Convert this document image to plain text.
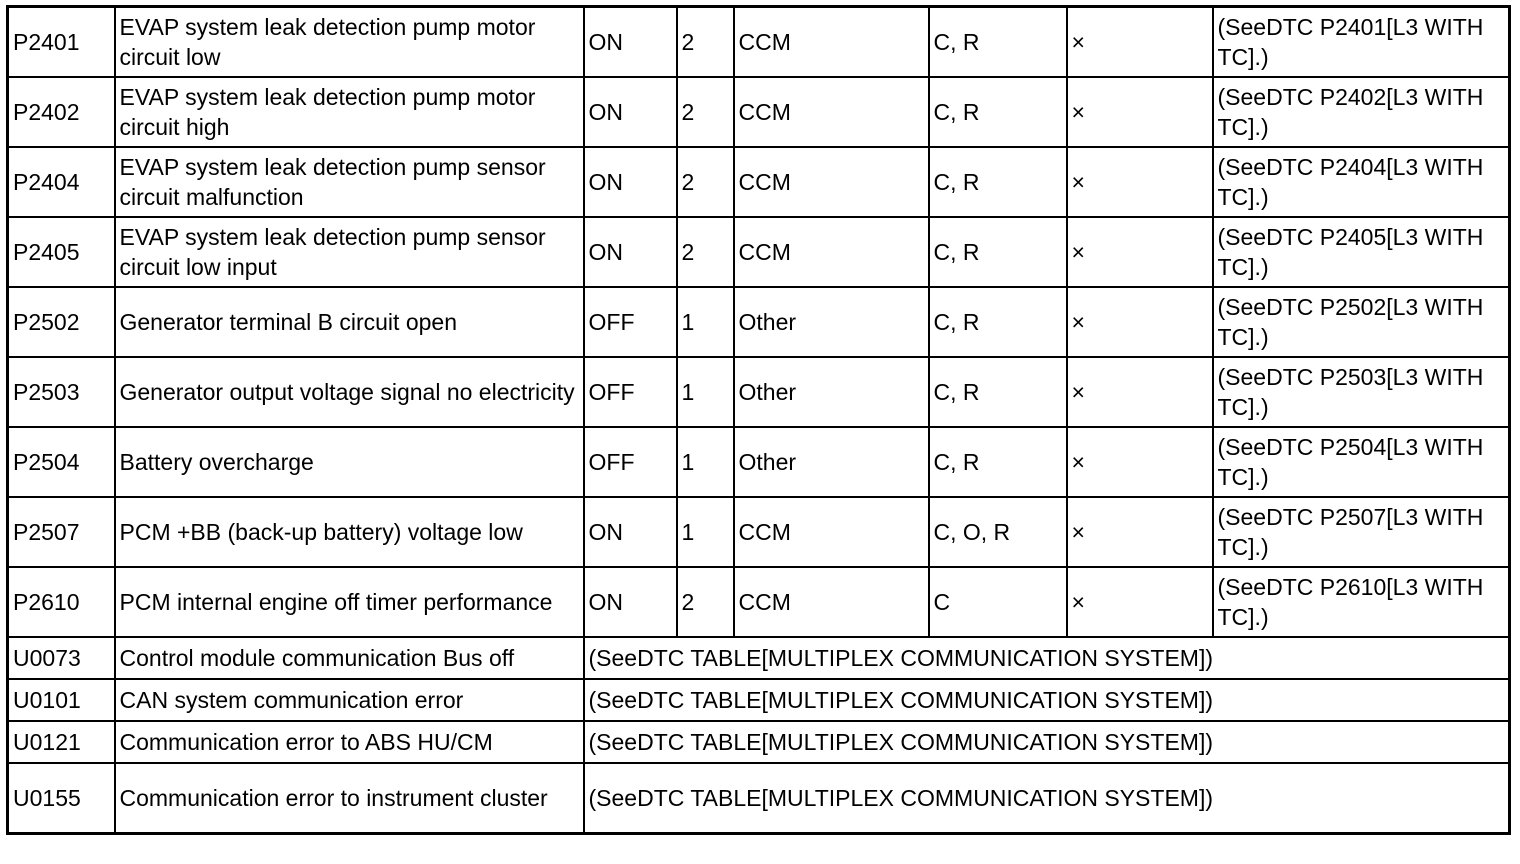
P2401	EVAP system leak detection pump motor circuit low	ON	2	CCM	C, R	×	(SeeDTC P2401[L3 WITH TC].)
P2402	EVAP system leak detection pump motor circuit high	ON	2	CCM	C, R	×	(SeeDTC P2402[L3 WITH TC].)
P2404	EVAP system leak detection pump sensor circuit malfunction	ON	2	CCM	C, R	×	(SeeDTC P2404[L3 WITH TC].)
P2405	EVAP system leak detection pump sensor circuit low input	ON	2	CCM	C, R	×	(SeeDTC P2405[L3 WITH TC].)
P2502	Generator terminal B circuit open	OFF	1	Other	C, R	×	(SeeDTC P2502[L3 WITH TC].)
P2503	Generator output voltage signal no electricity	OFF	1	Other	C, R	×	(SeeDTC P2503[L3 WITH TC].)
P2504	Battery overcharge	OFF	1	Other	C, R	×	(SeeDTC P2504[L3 WITH TC].)
P2507	PCM +BB (back-up battery) voltage low	ON	1	CCM	C, O, R	×	(SeeDTC P2507[L3 WITH TC].)
P2610	PCM internal engine off timer performance	ON	2	CCM	C	×	(SeeDTC P2610[L3 WITH TC].)
U0073	Control module communication Bus off	(SeeDTC TABLE[MULTIPLEX COMMUNICATION SYSTEM])					
U0101	CAN system communication error	(SeeDTC TABLE[MULTIPLEX COMMUNICATION SYSTEM])					
U0121	Communication error to ABS HU/CM	(SeeDTC TABLE[MULTIPLEX COMMUNICATION SYSTEM])					
U0155	Communication error to instrument cluster	(SeeDTC TABLE[MULTIPLEX COMMUNICATION SYSTEM])					
